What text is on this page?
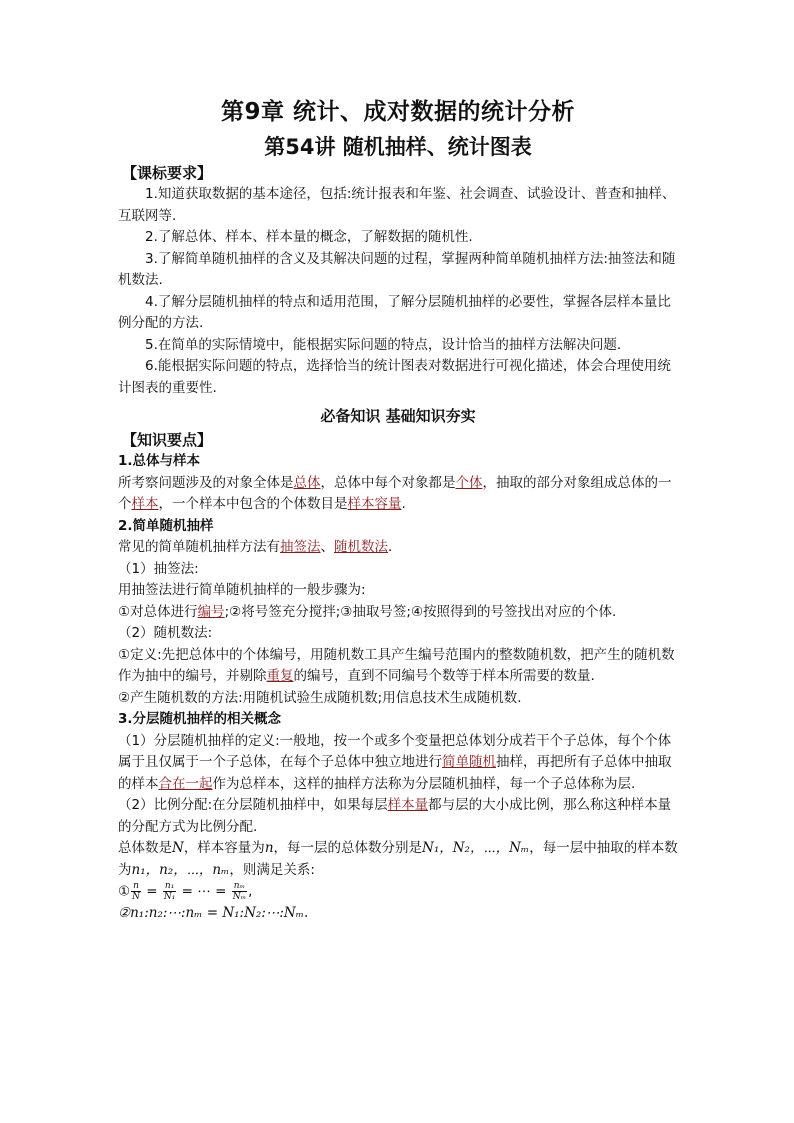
第9章 统计、成对数据的统计分析
第54讲 随机抽样、统计图表

【课标要求】

1.知道获取数据的基本途径，包括:统计报表和年鉴、社会调查、试验设计、普查和抽样、互联网等.

2.了解总体、样本、样本量的概念，了解数据的随机性.

3.了解简单随机抽样的含义及其解决问题的过程，掌握两种简单随机抽样方法:抽签法和随机数法.

4.了解分层随机抽样的特点和适用范围，了解分层随机抽样的必要性，掌握各层样本量比例分配的方法.

5.在简单的实际情境中，能根据实际问题的特点，设计恰当的抽样方法解决问题.

6.能根据实际问题的特点，选择恰当的统计图表对数据进行可视化描述，体会合理使用统计图表的重要性.

必备知识 基础知识夯实

【知识要点】

1.总体与样本

所考察问题涉及的对象全体是总体，总体中每个对象都是个体，抽取的部分对象组成总体的一个样本，一个样本中包含的个体数目是样本容量.

2.简单随机抽样

常见的简单随机抽样方法有抽签法、随机数法.

（1）抽签法:

用抽签法进行简单随机抽样的一般步骤为:

①对总体进行编号;②将号签充分搅拌;③抽取号签;④按照得到的号签找出对应的个体.

（2）随机数法:

①定义:先把总体中的个体编号，用随机数工具产生编号范围内的整数随机数，把产生的随机数作为抽中的编号，并剔除重复的编号，直到不同编号个数等于样本所需要的数量.

②产生随机数的方法:用随机试验生成随机数;用信息技术生成随机数.

3.分层随机抽样的相关概念

（1）分层随机抽样的定义:一般地，按一个或多个变量把总体划分成若干个子总体，每个个体属于且仅属于一个子总体，在每个子总体中独立地进行简单随机抽样，再把所有子总体中抽取的样本合在一起作为总样本，这样的抽样方法称为分层随机抽样，每一个子总体称为层.

（2）比例分配:在分层随机抽样中，如果每层样本量都与层的大小成比例，那么称这种样本量的分配方式为比例分配.

总体数是N，样本容量为n，每一层的总体数分别是N₁，N₂，⋯，Nₘ，每一层中抽取的样本数为n₁，n₂，⋯，nₘ，则满足关系:

① $\frac{n}{N} = \frac{\text{n₁}}{\text{N₁}}$ = ⋯ = $\frac{\text{nₘ}}{\text{Nₘ}}$ ,

②n₁:n₂:⋯:nₘ = N₁:N₂:⋯:Nₘ.
